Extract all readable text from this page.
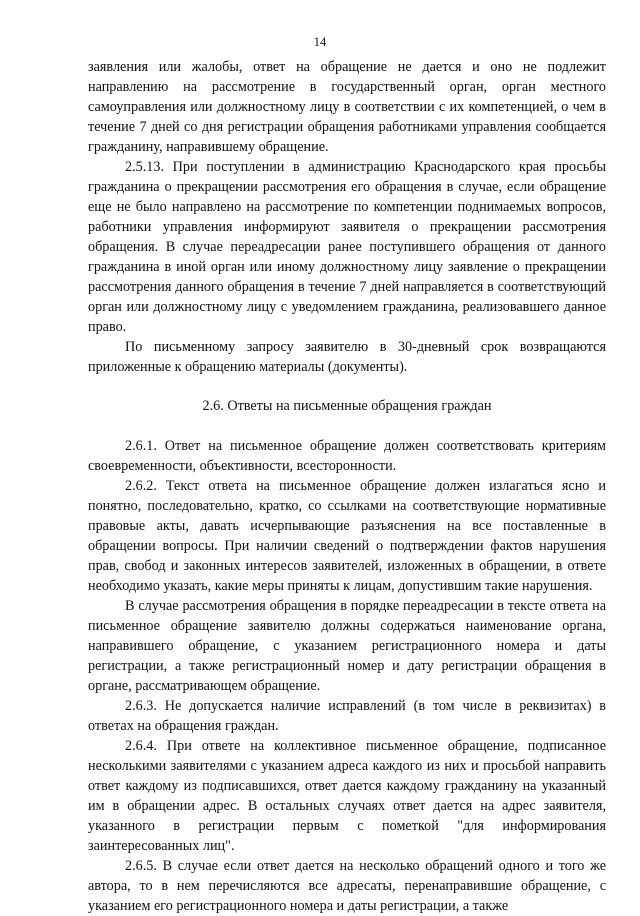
14

заявления или жалобы, ответ на обращение не дается и оно не подлежит направлению на рассмотрение в государственный орган, орган местного самоуправления или должностному лицу в соответствии с их компетенцией, о чем в течение 7 дней со дня регистрации обращения работниками управления сообщается гражданину, направившему обращение.

2.5.13. При поступлении в администрацию Краснодарского края просьбы гражданина о прекращении рассмотрения его обращения в случае, если обращение еще не было направлено на рассмотрение по компетенции поднимаемых вопросов, работники управления информируют заявителя о прекращении рассмотрения обращения. В случае переадресации ранее поступившего обращения от данного гражданина в иной орган или иному должностному лицу заявление о прекращении рассмотрения данного обращения в течение 7 дней направляется в соответствующий орган или должностному лицу с уведомлением гражданина, реализовавшего данное право.

По письменному запросу заявителю в 30-дневный срок возвращаются приложенные к обращению материалы (документы).

2.6. Ответы на письменные обращения граждан

2.6.1. Ответ на письменное обращение должен соответствовать критериям своевременности, объективности, всесторонности.

2.6.2. Текст ответа на письменное обращение должен излагаться ясно и понятно, последовательно, кратко, со ссылками на соответствующие нормативные правовые акты, давать исчерпывающие разъяснения на все поставленные в обращении вопросы. При наличии сведений о подтверждении фактов нарушения прав, свобод и законных интересов заявителей, изложенных в обращении, в ответе необходимо указать, какие меры приняты к лицам, допустившим такие нарушения.

В случае рассмотрения обращения в порядке переадресации в тексте ответа на письменное обращение заявителю должны содержаться наименование органа, направившего обращение, с указанием регистрационного номера и даты регистрации, а также регистрационный номер и дату регистрации обращения в органе, рассматривающем обращение.

2.6.3. Не допускается наличие исправлений (в том числе в реквизитах) в ответах на обращения граждан.

2.6.4. При ответе на коллективное письменное обращение, подписанное несколькими заявителями с указанием адреса каждого из них и просьбой направить ответ каждому из подписавшихся, ответ дается каждому гражданину на указанный им в обращении адрес. В остальных случаях ответ дается на адрес заявителя, указанного в регистрации первым с пометкой "для информирования заинтересованных лиц".

2.6.5. В случае если ответ дается на несколько обращений одного и того же автора, то в нем перечисляются все адресаты, перенаправившие обращение, с указанием его регистрационного номера и даты регистрации, а также
